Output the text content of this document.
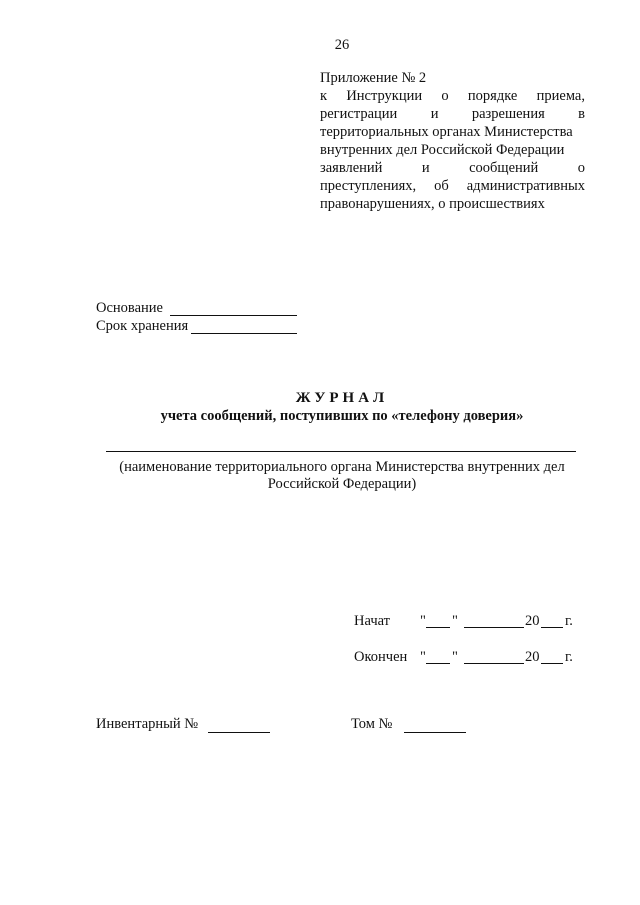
26
Приложение № 2
к Инструкции о порядке приема,
регистрации и разрешения в
территориальных органах Министерства
внутренних дел Российской Федерации
заявлений	и	сообщений	о
преступлениях, об административных
правонарушениях, о происшествиях
Основание
Срок хранения
ЖУРНАЛ
учета сообщений, поступивших по «телефону доверия»
(наименование территориального органа Министерства внутренних дел
Российской Федерации)
Начат " "	20 г.
Окончен " "	20 г.
Инвентарный №	Том №
